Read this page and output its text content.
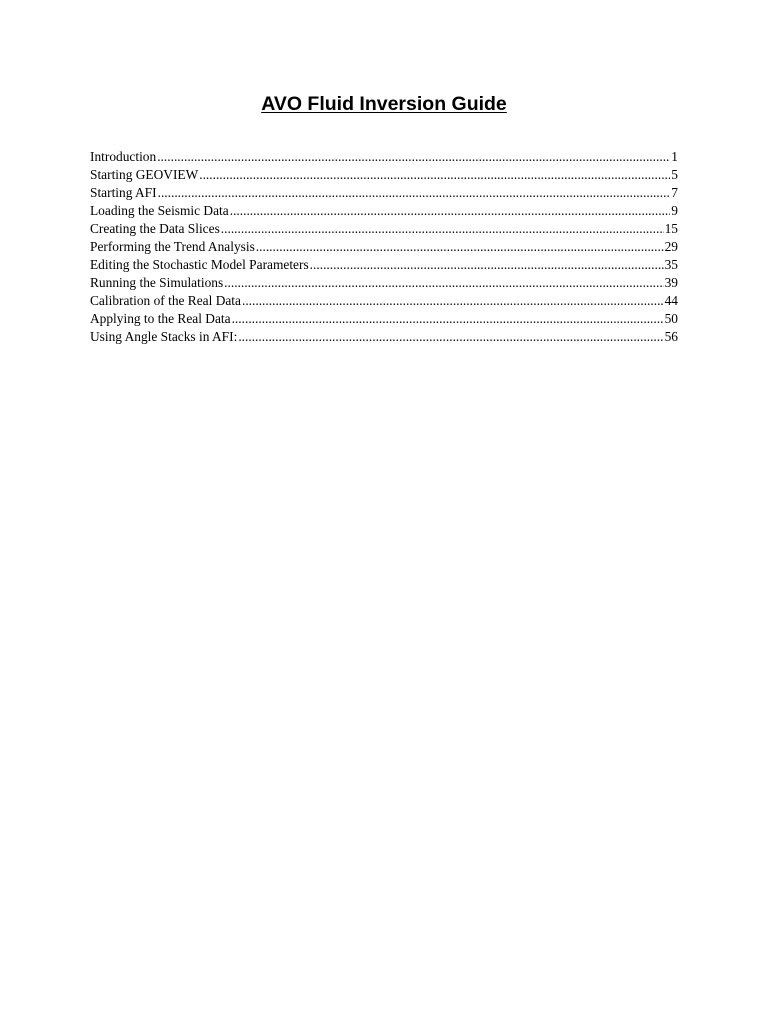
AVO Fluid Inversion Guide
Introduction .....	1
Starting GEOVIEW .....	5
Starting AFI .....	7
Loading the Seismic Data .....	9
Creating the Data Slices .....	15
Performing the Trend Analysis .....	29
Editing the Stochastic Model Parameters .....	35
Running the Simulations .....	39
Calibration of the Real Data .....	44
Applying to the Real Data .....	50
Using Angle Stacks in AFI: .....	56
